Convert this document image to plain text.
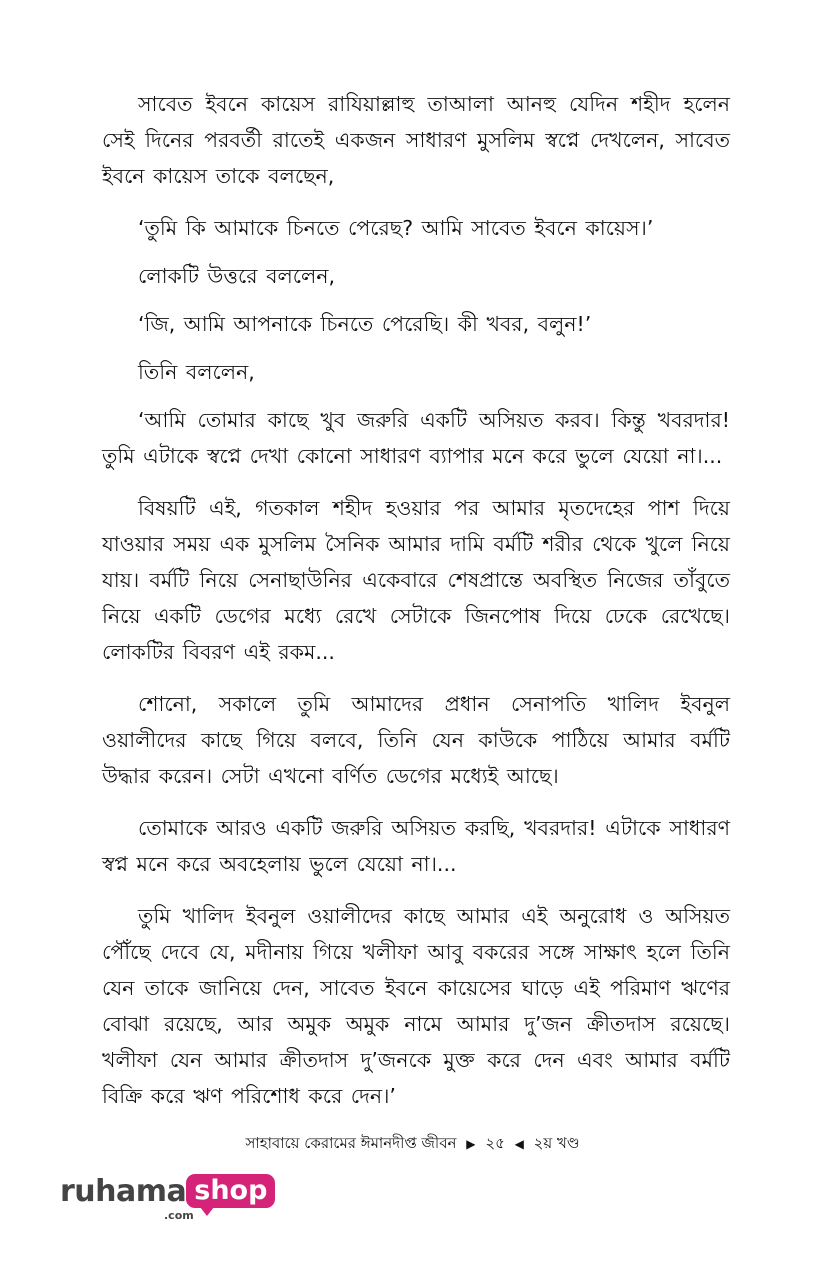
সাবেত ইবনে কায়েস রাযিয়াল্লাহু তাআলা আনহু যেদিন শহীদ হলেন সেই দিনের পরবর্তী রাতেই একজন সাধারণ মুসলিম স্বপ্নে দেখলেন, সাবেত ইবনে কায়েস তাকে বলছেন,

‘তুমি কি আমাকে চিনতে পেরেছ? আমি সাবেত ইবনে কায়েস।’

লোকটি উত্তরে বললেন,

‘জি, আমি আপনাকে চিনতে পেরেছি। কী খবর, বলুন!’

তিনি বললেন,

‘আমি তোমার কাছে খুব জরুরি একটি অসিয়ত করব। কিন্তু খবরদার! তুমি এটাকে স্বপ্নে দেখা কোনো সাধারণ ব্যাপার মনে করে ভুলে যেয়ো না।...

বিষয়টি এই, গতকাল শহীদ হওয়ার পর আমার মৃতদেহের পাশ দিয়ে যাওয়ার সময় এক মুসলিম সৈনিক আমার দামি বর্মটি শরীর থেকে খুলে নিয়ে যায়। বর্মটি নিয়ে সেনাছাউনির একেবারে শেষপ্রান্তে অবস্থিত নিজের তাঁবুতে নিয়ে একটি ডেগের মধ্যে রেখে সেটাকে জিনপোষ দিয়ে ঢেকে রেখেছে। লোকটির বিবরণ এই রকম...

শোনো, সকালে তুমি আমাদের প্রধান সেনাপতি খালিদ ইবনুল ওয়ালীদের কাছে গিয়ে বলবে, তিনি যেন কাউকে পাঠিয়ে আমার বর্মটি উদ্ধার করেন। সেটা এখনো বর্ণিত ডেগের মধ্যেই আছে।

তোমাকে আরও একটি জরুরি অসিয়ত করছি, খবরদার! এটাকে সাধারণ স্বপ্ন মনে করে অবহেলায় ভুলে যেয়ো না।...

তুমি খালিদ ইবনুল ওয়ালীদের কাছে আমার এই অনুরোধ ও অসিয়ত পৌঁছে দেবে যে, মদীনায় গিয়ে খলীফা আবু বকরের সঙ্গে সাক্ষাৎ হলে তিনি যেন তাকে জানিয়ে দেন, সাবেত ইবনে কায়েসের ঘাড়ে এই পরিমাণ ঋণের বোঝা রয়েছে, আর অমুক অমুক নামে আমার দু’জন ক্রীতদাস রয়েছে। খলীফা যেন আমার ক্রীতদাস দু’জনকে মুক্ত করে দেন এবং আমার বর্মটি বিক্রি করে ঋণ পরিশোধ করে দেন।’

সাহাবায়ে কেরামের ঈমানদীপ্ত জীবন ▶ ২৫ ◀ ২য় খণ্ড
ruhama shop
.com
